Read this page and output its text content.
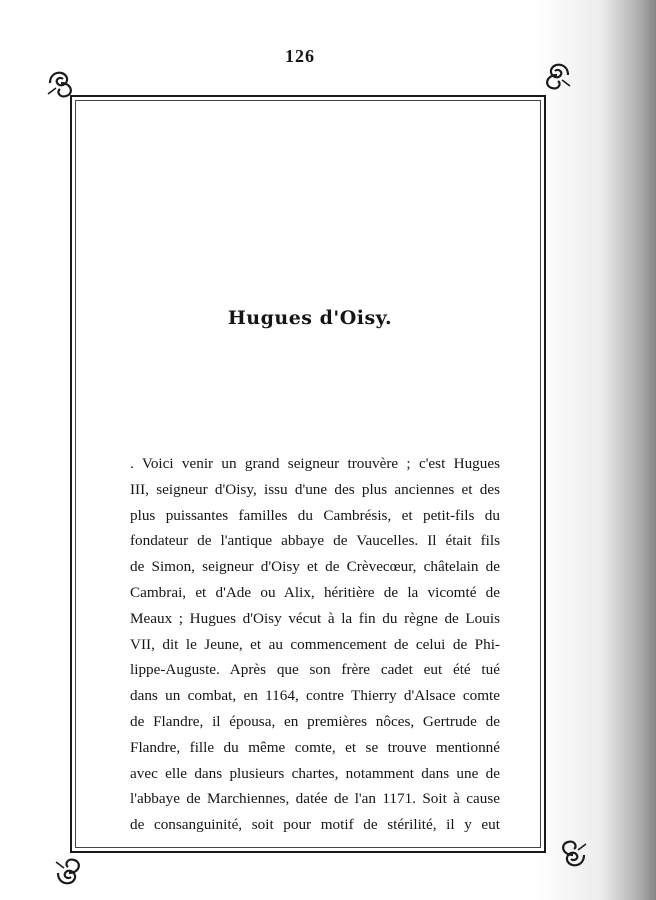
126
Hugues d'Oisy.
. Voici venir un grand seigneur trouvère ; c'est Hugues
III, seigneur d'Oisy, issu d'une des plus anciennes et des
plus puissantes familles du Cambrésis, et petit-fils du
fondateur de l'antique abbaye de Vaucelles. Il était fils
de Simon, seigneur d'Oisy et de Crèvecœur, châtelain de
Cambrai, et d'Ade ou Alix, héritière de la vicomté de
Meaux ; Hugues d'Oisy vécut à la fin du règne de Louis
VII, dit le Jeune, et au commencement de celui de Phi-
lippe-Auguste. Après que son frère cadet eut été tué
dans un combat, en 1164, contre Thierry d'Alsace comte
de Flandre, il épousa, en premières nôces, Gertrude de
Flandre, fille du même comte, et se trouve mentionné
avec elle dans plusieurs chartes, notamment dans une de
l'abbaye de Marchiennes, datée de l'an 1171. Soit à cause
de consanguinité, soit pour motif de stérilité, il y eut
